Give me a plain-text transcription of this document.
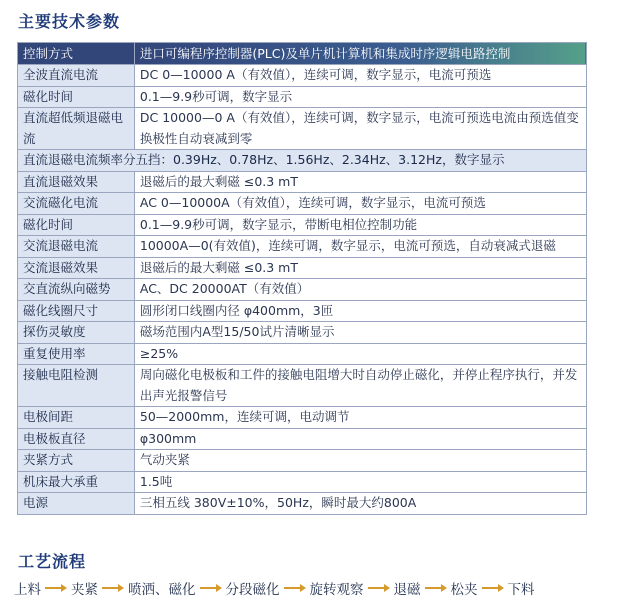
主要技术参数
控制方式	进口可编程序控制器(PLC)及单片机计算机和集成时序逻辑电路控制
全波直流电流	DC 0—10000 A（有效值），连续可调，数字显示，电流可预选
磁化时间	0.1—9.9秒可调，数字显示
直流超低频退磁电流	DC 10000—0 A（有效值），连续可调，数字显示，电流可预选电流由预选值变换极性自动衰减到零
直流退磁电流频率分五挡：0.39Hz、0.78Hz、1.56Hz、2.34Hz、3.12Hz，数字显示	
直流退磁效果	退磁后的最大剩磁 ≤0.3 mT
交流磁化电流	AC 0—10000A（有效值），连续可调，数字显示，电流可预选
磁化时间	0.1—9.9秒可调，数字显示，带断电相位控制功能
交流退磁电流	10000A—0(有效值)，连续可调，数字显示，电流可预选，自动衰减式退磁
交流退磁效果	退磁后的最大剩磁 ≤0.3 mT
交直流纵向磁势	AC、DC 20000AT（有效值）
磁化线圈尺寸	圆形闭口线圈内径 φ400mm，3匝
探伤灵敏度	磁场范围内A型15/50试片清晰显示
重复使用率	≥25%
接触电阻检测	周向磁化电极板和工件的接触电阻增大时自动停止磁化，并停止程序执行，并发出声光报警信号
电极间距	50—2000mm，连续可调，电动调节
电极板直径	φ300mm
夹紧方式	气动夹紧
机床最大承重	1.5吨
电源	三相五线 380V±10%，50Hz，瞬时最大约800A
工艺流程
上料 夹紧 喷洒、磁化 分段磁化 旋转观察 退磁 松夹 下料
